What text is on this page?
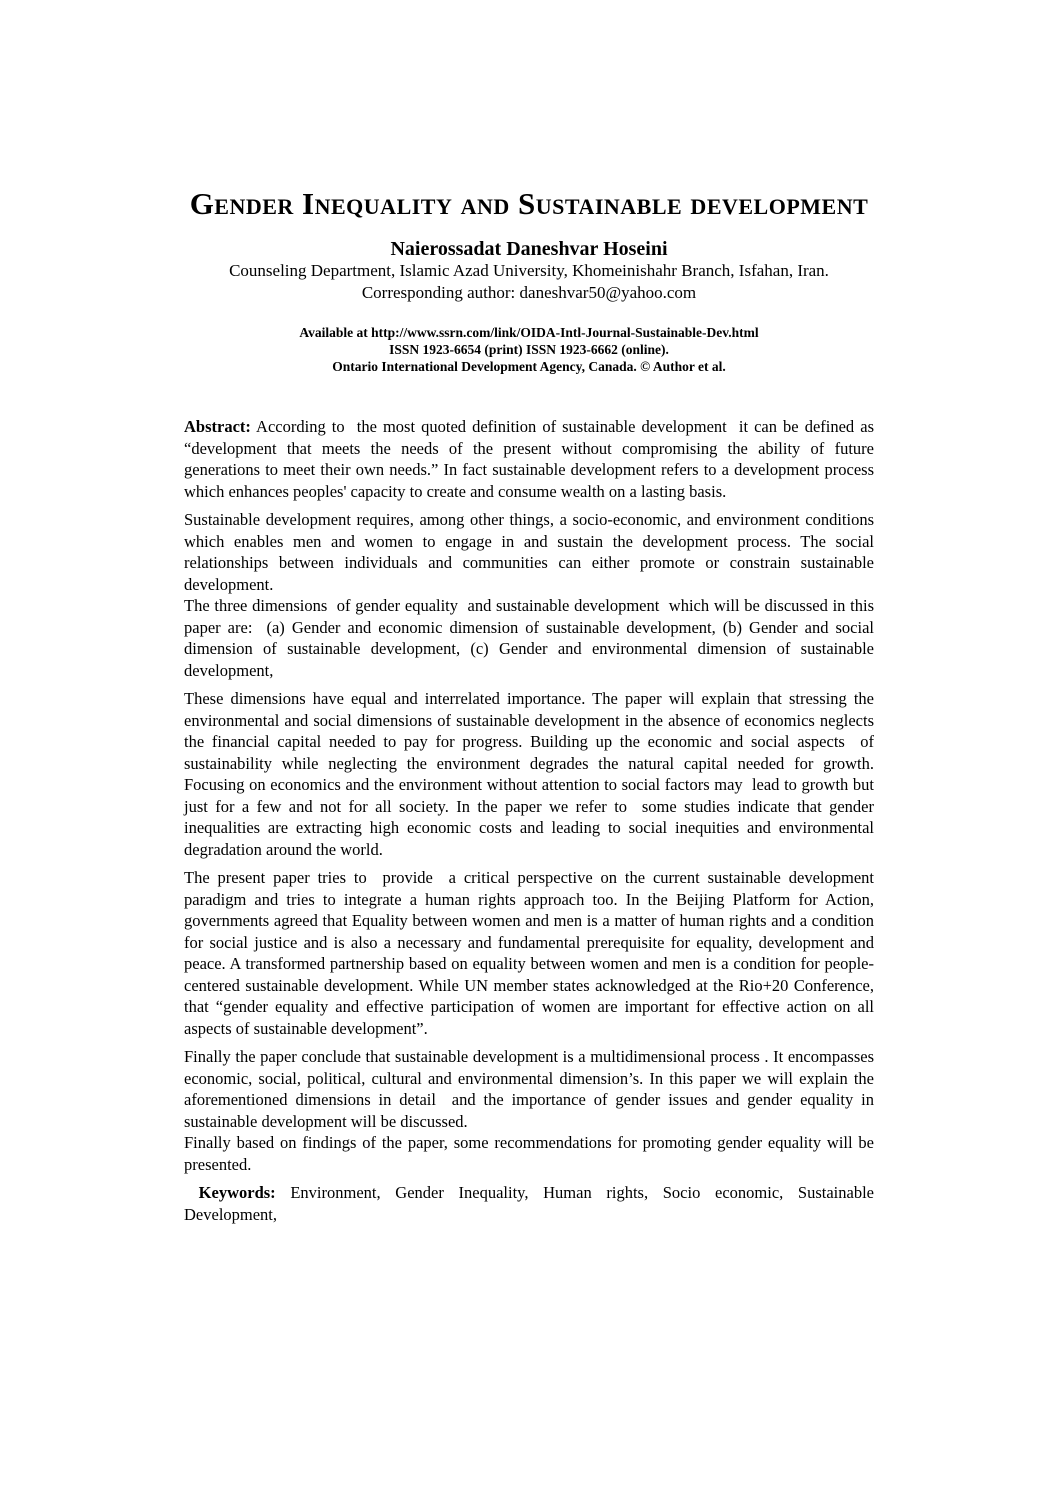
Gender Inequality and Sustainable development
Naierossadat Daneshvar Hoseini
Counseling Department, Islamic Azad University, Khomeinishahr Branch, Isfahan, Iran.
Corresponding author: daneshvar50@yahoo.com
Available at http://www.ssrn.com/link/OIDA-Intl-Journal-Sustainable-Dev.html
ISSN 1923-6654 (print) ISSN 1923-6662 (online).
Ontario International Development Agency, Canada. © Author et al.

Abstract: According to  the most quoted definition of sustainable development  it can be defined as “development that meets the needs of the present without compromising the ability of future generations to meet their own needs.” In fact sustainable development refers to a development process which enhances peoples' capacity to create and consume wealth on a lasting basis.

Sustainable development requires, among other things, a socio-economic, and environment conditions which enables men and women to engage in and sustain the development process. The social relationships between individuals and communities can either promote or constrain sustainable development.

The three dimensions  of gender equality  and sustainable development  which will be discussed in this paper are:  (a) Gender and economic dimension of sustainable development, (b) Gender and social dimension of sustainable development, (c) Gender and environmental dimension of sustainable development,

These dimensions have equal and interrelated importance. The paper will explain that stressing the environmental and social dimensions of sustainable development in the absence of economics neglects the financial capital needed to pay for progress. Building up the economic and social aspects  of sustainability while neglecting the environment degrades the natural capital needed for growth. Focusing on economics and the environment without attention to social factors may  lead to growth but  just for a few and not for all society. In the paper we refer to  some studies indicate that gender inequalities are extracting high economic costs and leading to social inequities and environmental degradation around the world.

The present paper tries to  provide  a critical perspective on the current sustainable development paradigm and tries to integrate a human rights approach too. In the Beijing Platform for Action, governments agreed that Equality between women and men is a matter of human rights and a condition for social justice and is also a necessary and fundamental prerequisite for equality, development and peace. A transformed partnership based on equality between women and men is a condition for people-centered sustainable development. While UN member states acknowledged at the Rio+20 Conference, that “gender equality and effective participation of women are important for effective action on all aspects of sustainable development”.

Finally the paper conclude that sustainable development is a multidimensional process . It encompasses economic, social, political, cultural and environmental dimension’s. In this paper we will explain the aforementioned dimensions in detail  and the importance of gender issues and gender equality in sustainable development will be discussed.

Finally based on findings of the paper, some recommendations for promoting gender equality will be presented.

Keywords: Environment, Gender Inequality, Human rights, Socio economic, Sustainable Development,
